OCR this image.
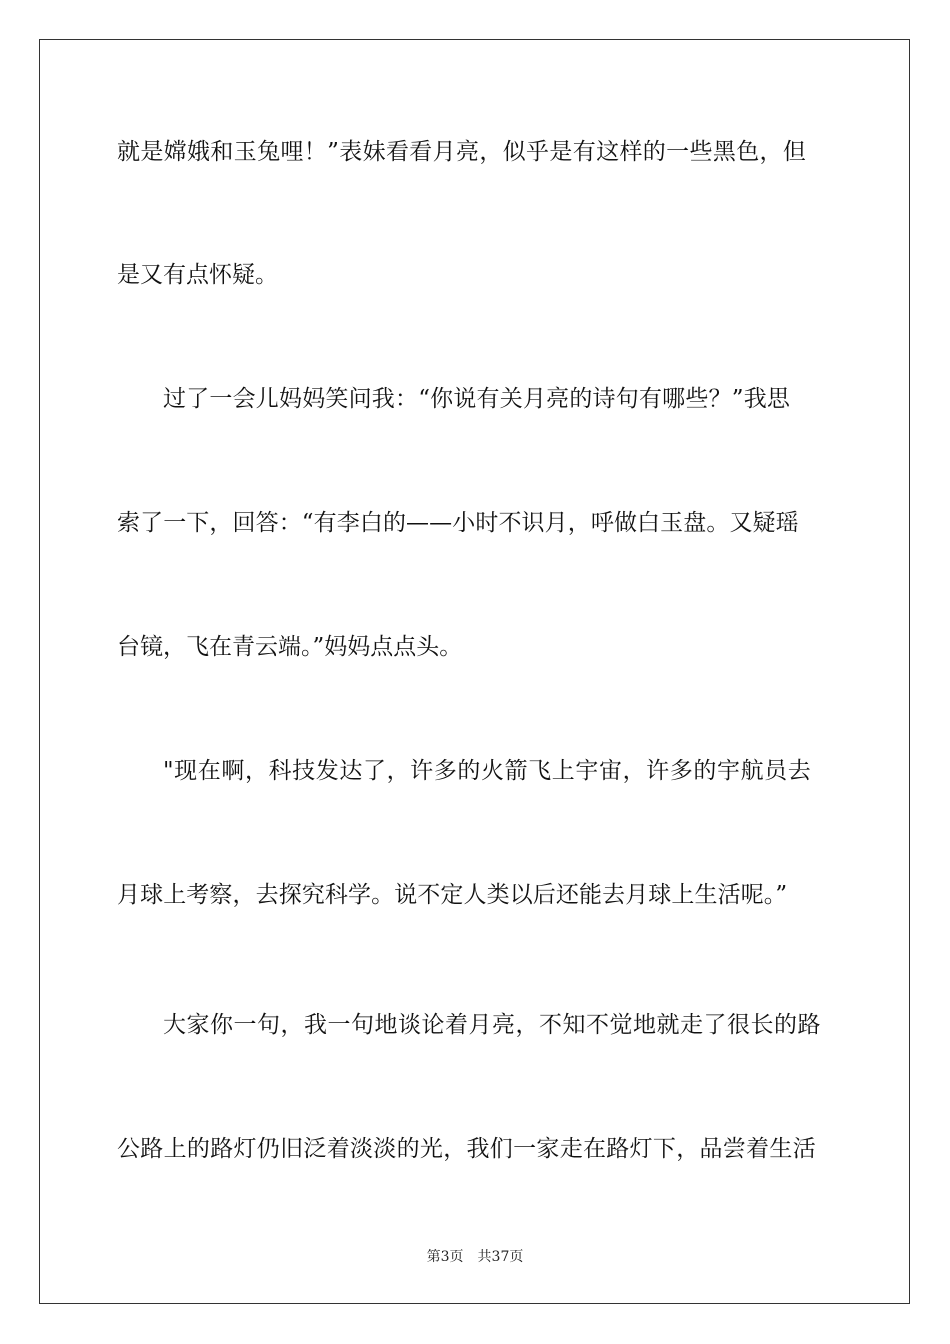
就是嫦娥和玉兔哩！”表妹看看月亮，似乎是有这样的一些黑色，但
是又有点怀疑。
过了一会儿妈妈笑问我：“你说有关月亮的诗句有哪些？”我思
索了一下，回答：“有李白的——小时不识月，呼做白玉盘。又疑瑶
台镜，飞在青云端。”妈妈点点头。
"现在啊，科技发达了，许多的火箭飞上宇宙，许多的宇航员去
月球上考察，去探究科学。说不定人类以后还能去月球上生活呢。”
大家你一句，我一句地谈论着月亮，不知不觉地就走了很长的路
公路上的路灯仍旧泛着淡淡的光，我们一家走在路灯下，品尝着生活
第3页　共37页
